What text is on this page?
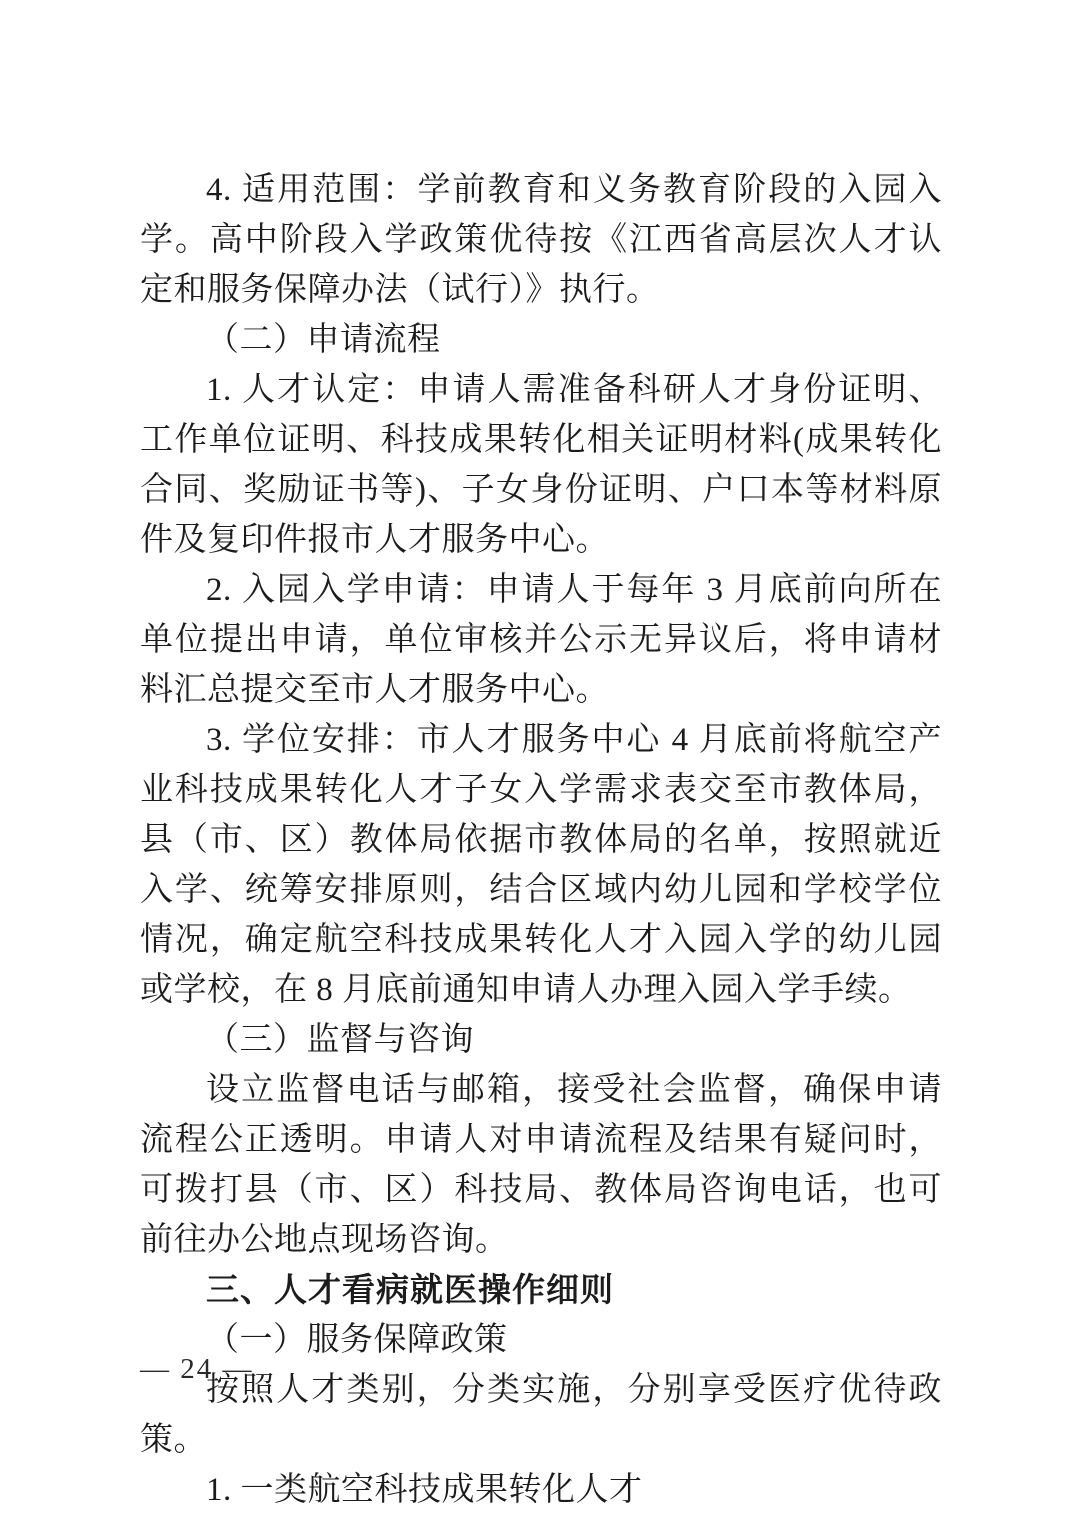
4. 适用范围：学前教育和义务教育阶段的入园入学。高中阶段入学政策优待按《江西省高层次人才认定和服务保障办法（试行）》执行。

（二）申请流程

1. 人才认定：申请人需准备科研人才身份证明、工作单位证明、科技成果转化相关证明材料(成果转化合同、奖励证书等)、子女身份证明、户口本等材料原件及复印件报市人才服务中心。

2. 入园入学申请：申请人于每年 3 月底前向所在单位提出申请，单位审核并公示无异议后，将申请材料汇总提交至市人才服务中心。

3. 学位安排：市人才服务中心 4 月底前将航空产业科技成果转化人才子女入学需求表交至市教体局，县（市、区）教体局依据市教体局的名单，按照就近入学、统筹安排原则，结合区域内幼儿园和学校学位情况，确定航空科技成果转化人才入园入学的幼儿园或学校，在 8 月底前通知申请人办理入园入学手续。

（三）监督与咨询

设立监督电话与邮箱，接受社会监督，确保申请流程公正透明。申请人对申请流程及结果有疑问时，可拨打县（市、区）科技局、教体局咨询电话，也可前往办公地点现场咨询。

三、人才看病就医操作细则

（一）服务保障政策

按照人才类别，分类实施，分别享受医疗优待政策。

1. 一类航空科技成果转化人才

— 24 —
